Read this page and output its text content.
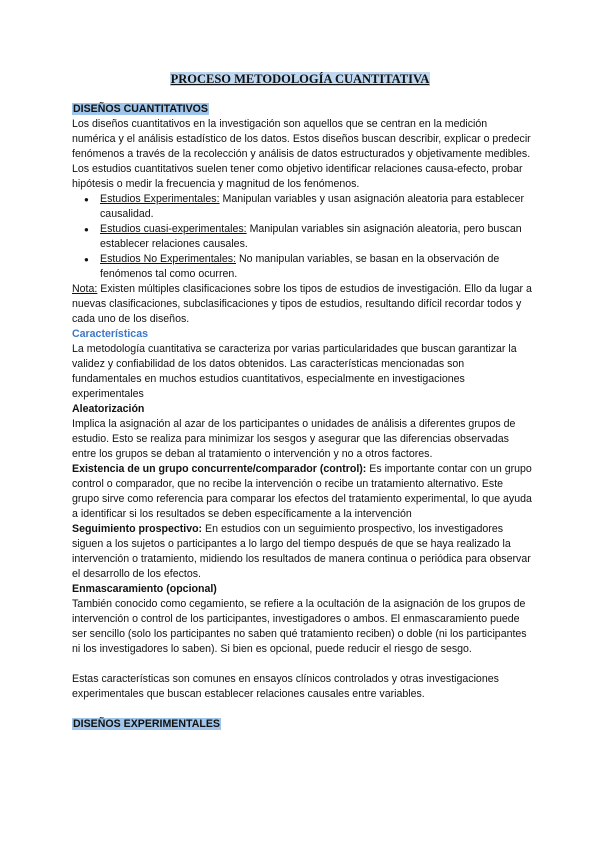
PROCESO METODOLOGÍA CUANTITATIVA
DISEÑOS CUANTITATIVOS

Los diseños cuantitativos en la investigación son aquellos que se centran en la medición numérica y el análisis estadístico de los datos. Estos diseños buscan describir, explicar o predecir fenómenos a través de la recolección y análisis de datos estructurados y objetivamente medibles. Los estudios cuantitativos suelen tener como objetivo identificar relaciones causa-efecto, probar hipótesis o medir la frecuencia y magnitud de los fenómenos.

● Estudios Experimentales: Manipulan variables y usan asignación aleatoria para establecer causalidad.
● Estudios cuasi-experimentales: Manipulan variables sin asignación aleatoria, pero buscan establecer relaciones causales.
● Estudios No Experimentales: No manipulan variables, se basan en la observación de fenómenos tal como ocurren.

Nota: Existen múltiples clasificaciones sobre los tipos de estudios de investigación. Ello da lugar a nuevas clasificaciones, subclasificaciones y tipos de estudios, resultando difícil recordar todos y cada uno de los diseños.

Características

La metodología cuantitativa se caracteriza por varias particularidades que buscan garantizar la validez y confiabilidad de los datos obtenidos. Las características mencionadas son fundamentales en muchos estudios cuantitativos, especialmente en investigaciones experimentales

Aleatorización

Implica la asignación al azar de los participantes o unidades de análisis a diferentes grupos de estudio. Esto se realiza para minimizar los sesgos y asegurar que las diferencias observadas entre los grupos se deban al tratamiento o intervención y no a otros factores.

Existencia de un grupo concurrente/comparador (control): Es importante contar con un grupo control o comparador, que no recibe la intervención o recibe un tratamiento alternativo. Este grupo sirve como referencia para comparar los efectos del tratamiento experimental, lo que ayuda a identificar si los resultados se deben específicamente a la intervención

Seguimiento prospectivo: En estudios con un seguimiento prospectivo, los investigadores siguen a los sujetos o participantes a lo largo del tiempo después de que se haya realizado la intervención o tratamiento, midiendo los resultados de manera continua o periódica para observar el desarrollo de los efectos.

Enmascaramiento (opcional)

También conocido como cegamiento, se refiere a la ocultación de la asignación de los grupos de intervención o control de los participantes, investigadores o ambos. El enmascaramiento puede ser sencillo (solo los participantes no saben qué tratamiento reciben) o doble (ni los participantes ni los investigadores lo saben). Si bien es opcional, puede reducir el riesgo de sesgo.

Estas características son comunes en ensayos clínicos controlados y otras investigaciones experimentales que buscan establecer relaciones causales entre variables.

DISEÑOS EXPERIMENTALES
